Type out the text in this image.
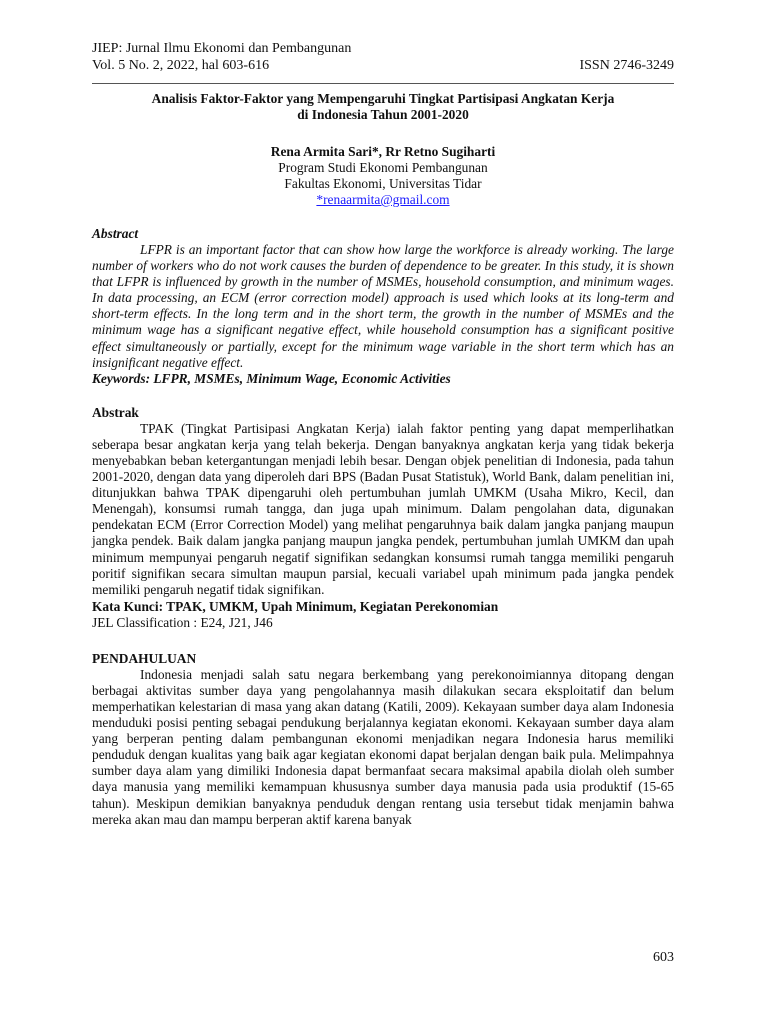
JIEP: Jurnal Ilmu Ekonomi dan Pembangunan
Vol. 5 No. 2, 2022, hal 603-616	ISSN 2746-3249
Analisis Faktor-Faktor yang Mempengaruhi Tingkat Partisipasi Angkatan Kerja
di Indonesia Tahun 2001-2020
Rena Armita Sari*, Rr Retno Sugiharti
Program Studi Ekonomi Pembangunan
Fakultas Ekonomi, Universitas Tidar
*renaarmita@gmail.com
Abstract

LFPR is an important factor that can show how large the workforce is already working. The large number of workers who do not work causes the burden of dependence to be greater. In this study, it is shown that LFPR is influenced by growth in the number of MSMEs, household consumption, and minimum wages. In data processing, an ECM (error correction model) approach is used which looks at its long-term and short-term effects. In the long term and in the short term, the growth in the number of MSMEs and the minimum wage has a significant negative effect, while household consumption has a significant positive effect simultaneously or partially, except for the minimum wage variable in the short term which has an insignificant negative effect.

Keywords: LFPR, MSMEs, Minimum Wage, Economic Activities
Abstrak

TPAK (Tingkat Partisipasi Angkatan Kerja) ialah faktor penting yang dapat memperlihatkan seberapa besar angkatan kerja yang telah bekerja. Dengan banyaknya angkatan kerja yang tidak bekerja menyebabkan beban ketergantungan menjadi lebih besar. Dengan objek penelitian di Indonesia, pada tahun 2001-2020, dengan data yang diperoleh dari BPS (Badan Pusat Statistuk), World Bank, dalam penelitian ini, ditunjukkan bahwa TPAK dipengaruhi oleh pertumbuhan jumlah UMKM (Usaha Mikro, Kecil, dan Menengah), konsumsi rumah tangga, dan juga upah minimum. Dalam pengolahan data, digunakan pendekatan ECM (Error Correction Model) yang melihat pengaruhnya baik dalam jangka panjang maupun jangka pendek. Baik dalam jangka panjang maupun jangka pendek, pertumbuhan jumlah UMKM dan upah minimum mempunyai pengaruh negatif signifikan sedangkan konsumsi rumah tangga memiliki pengaruh poritif signifikan secara simultan maupun parsial, kecuali variabel upah minimum pada jangka pendek memiliki pengaruh negatif tidak signifikan.

Kata Kunci: TPAK, UMKM, Upah Minimum, Kegiatan Perekonomian
JEL Classification : E24, J21, J46
PENDAHULUAN

Indonesia menjadi salah satu negara berkembang yang perekonoimiannya ditopang dengan berbagai aktivitas sumber daya yang pengolahannya masih dilakukan secara eksploitatif dan belum memperhatikan kelestarian di masa yang akan datang (Katili, 2009). Kekayaan sumber daya alam Indonesia menduduki posisi penting sebagai pendukung berjalannya kegiatan ekonomi. Kekayaan sumber daya alam yang berperan penting dalam pembangunan ekonomi menjadikan negara Indonesia harus memiliki penduduk dengan kualitas yang baik agar kegiatan ekonomi dapat berjalan dengan baik pula. Melimpahnya sumber daya alam yang dimiliki Indonesia dapat bermanfaat secara maksimal apabila diolah oleh sumber daya manusia yang memiliki kemampuan khususnya sumber daya manusia pada usia produktif (15-65 tahun). Meskipun demikian banyaknya penduduk dengan rentang usia tersebut tidak menjamin bahwa mereka akan mau dan mampu berperan aktif karena banyak

603
